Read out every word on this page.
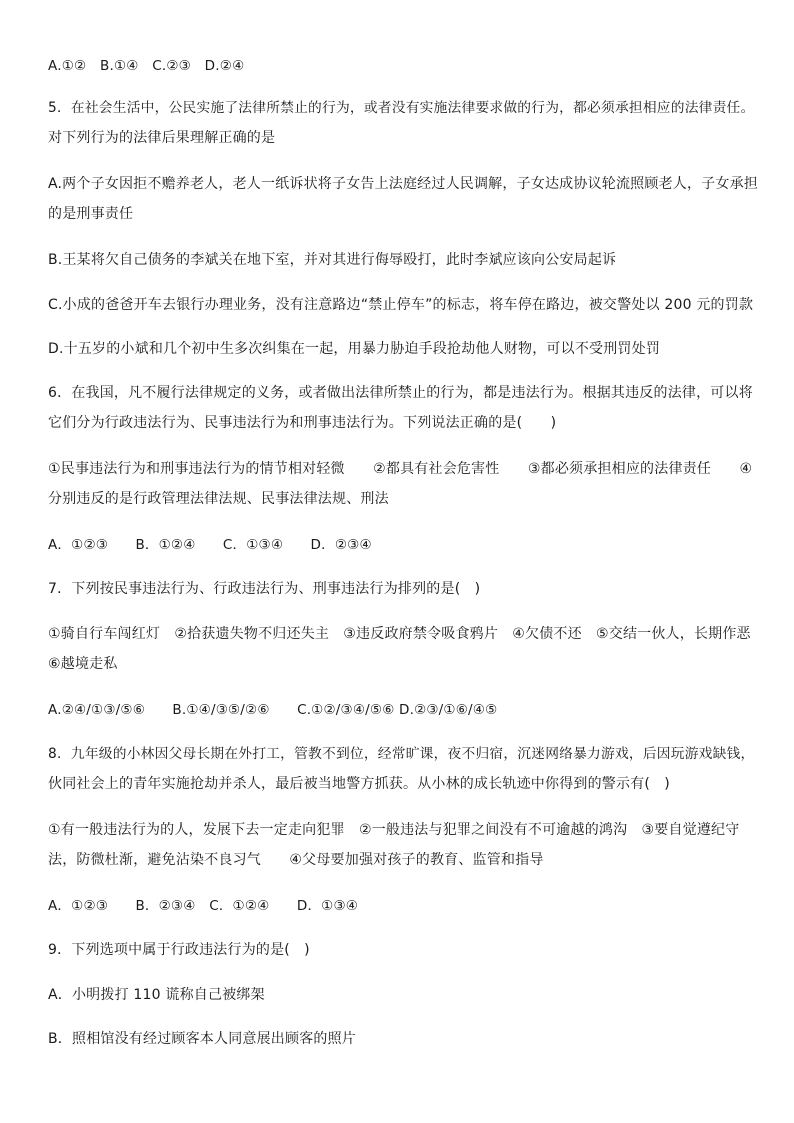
A.①②　B.①④　C.②③　D.②④
5．在社会生活中，公民实施了法律所禁止的行为，或者没有实施法律要求做的行为，都必须承担相应的法律责任。
对下列行为的法律后果理解正确的是
A.两个子女因拒不赡养老人，老人一纸诉状将子女告上法庭经过人民调解，子女达成协议轮流照顾老人，子女承担
的是刑事责任
B.王某将欠自己债务的李斌关在地下室，并对其进行侮辱殴打，此时李斌应该向公安局起诉
C.小成的爸爸开车去银行办理业务，没有注意路边“禁止停车”的标志，将车停在路边，被交警处以 200 元的罚款
D.十五岁的小斌和几个初中生多次纠集在一起，用暴力胁迫手段抢劫他人财物，可以不受刑罚处罚
6．在我国，凡不履行法律规定的义务，或者做出法律所禁止的行为，都是违法行为。根据其违反的法律，可以将
它们分为行政违法行为、民事违法行为和刑事违法行为。下列说法正确的是(　　)
①民事违法行为和刑事违法行为的情节相对轻微　　②都具有社会危害性　　③都必须承担相应的法律责任　　④
分别违反的是行政管理法律法规、民事法律法规、刑法
A．①②③　　B．①②④　　C．①③④　　D．②③④
7．下列按民事违法行为、行政违法行为、刑事违法行为排列的是(　)
①骑自行车闯红灯　②拾获遗失物不归还失主　③违反政府禁令吸食鸦片　④欠债不还　⑤交结一伙人，长期作恶
⑥越境走私
A.②④/①③/⑤⑥　　B.①④/③⑤/②⑥　　C.①②/③④/⑤⑥ D.②③/①⑥/④⑤
8．九年级的小林因父母长期在外打工，管教不到位，经常旷课，夜不归宿，沉迷网络暴力游戏，后因玩游戏缺钱，
伙同社会上的青年实施抢劫并杀人，最后被当地警方抓获。从小林的成长轨迹中你得到的警示有(　)
①有一般违法行为的人，发展下去一定走向犯罪　②一般违法与犯罪之间没有不可逾越的鸿沟　③要自觉遵纪守
法，防微杜渐，避免沾染不良习气　　④父母要加强对孩子的教育、监管和指导
A．①②③　　B．②③④　C．①②④　　D．①③④
9．下列选项中属于行政违法行为的是(　)
A．小明拨打 110 谎称自己被绑架
B．照相馆没有经过顾客本人同意展出顾客的照片
